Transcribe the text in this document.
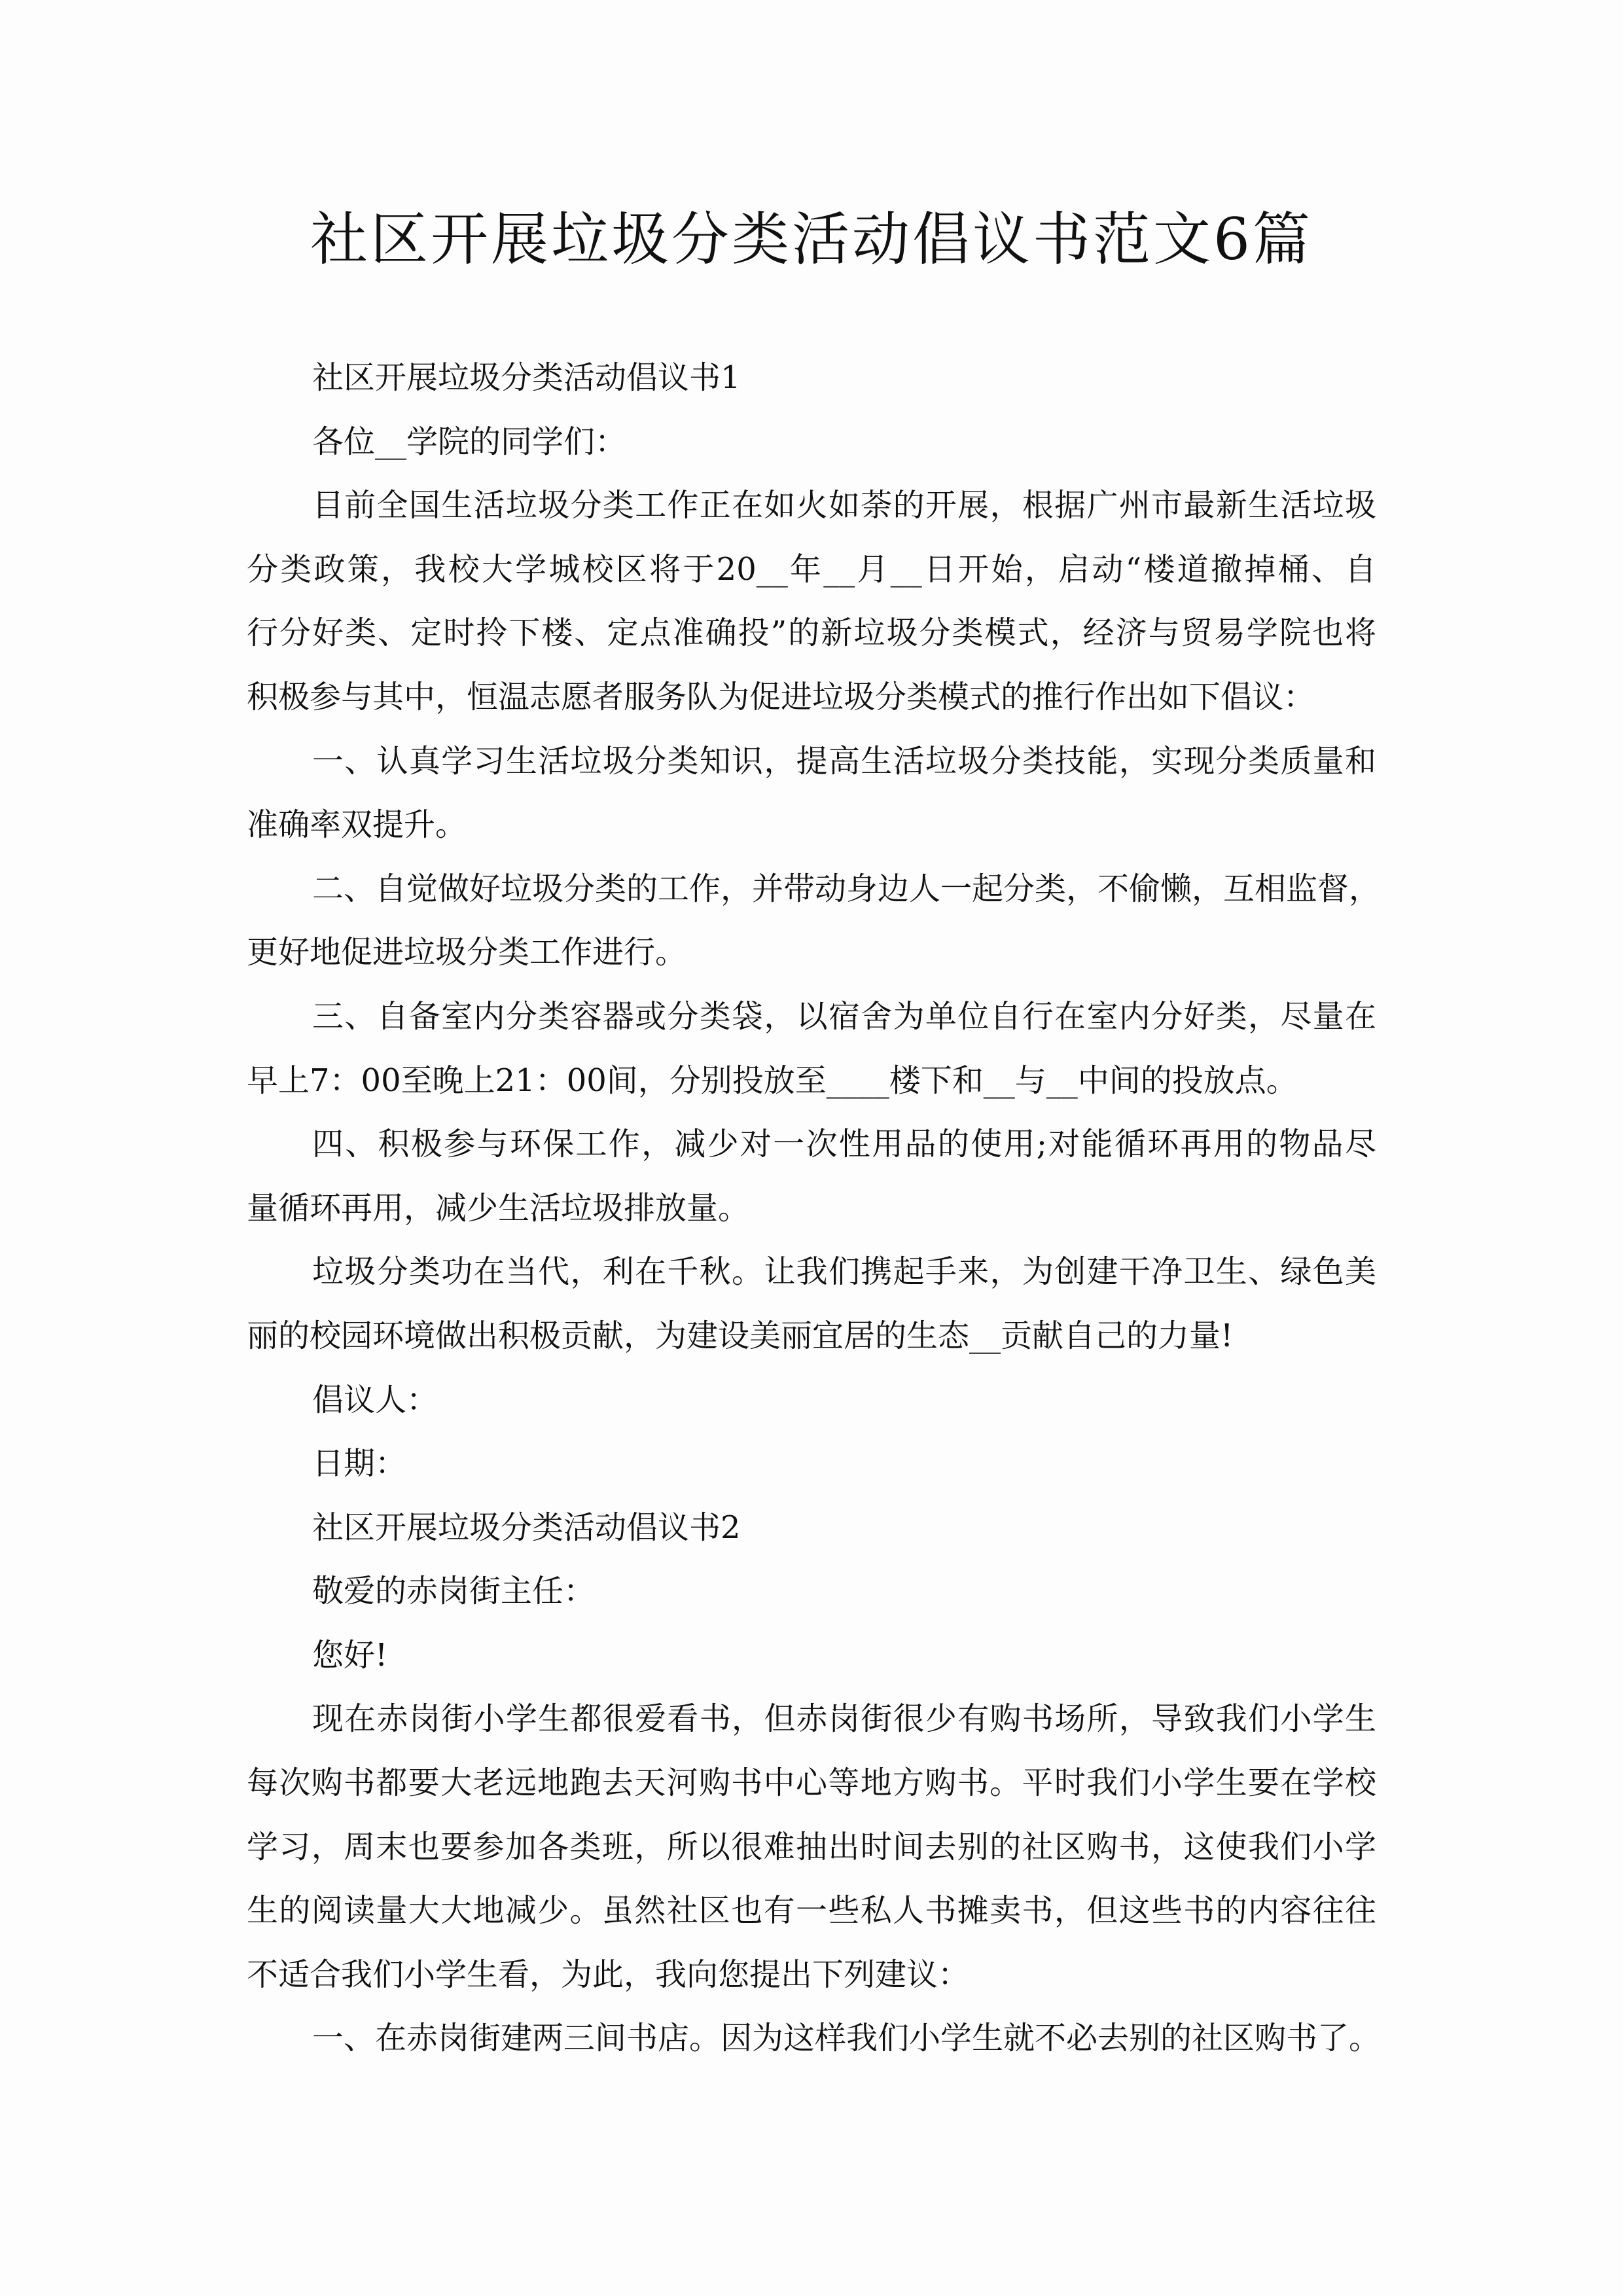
社区开展垃圾分类活动倡议书范文6篇
社区开展垃圾分类活动倡议书1
各位__学院的同学们：
目前全国生活垃圾分类工作正在如火如荼的开展，根据广州市最新生活垃圾
分类政策，我校大学城校区将于20__年__月__日开始，启动“楼道撤掉桶、自
行分好类、定时拎下楼、定点准确投”的新垃圾分类模式，经济与贸易学院也将
积极参与其中，恒温志愿者服务队为促进垃圾分类模式的推行作出如下倡议：
一、认真学习生活垃圾分类知识，提高生活垃圾分类技能，实现分类质量和
准确率双提升。
二、自觉做好垃圾分类的工作，并带动身边人一起分类，不偷懒，互相监督，
更好地促进垃圾分类工作进行。
三、自备室内分类容器或分类袋，以宿舍为单位自行在室内分好类，尽量在
早上7：00至晚上21：00间，分别投放至____楼下和__与__中间的投放点。
四、积极参与环保工作，减少对一次性用品的使用;对能循环再用的物品尽
量循环再用，减少生活垃圾排放量。
垃圾分类功在当代，利在千秋。让我们携起手来，为创建干净卫生、绿色美
丽的校园环境做出积极贡献，为建设美丽宜居的生态__贡献自己的力量!
倡议人：
日期：
社区开展垃圾分类活动倡议书2
敬爱的赤岗街主任：
您好!
现在赤岗街小学生都很爱看书，但赤岗街很少有购书场所，导致我们小学生
每次购书都要大老远地跑去天河购书中心等地方购书。平时我们小学生要在学校
学习，周末也要参加各类班，所以很难抽出时间去别的社区购书，这使我们小学
生的阅读量大大地减少。虽然社区也有一些私人书摊卖书，但这些书的内容往往
不适合我们小学生看，为此，我向您提出下列建议：
一、在赤岗街建两三间书店。因为这样我们小学生就不必去别的社区购书了。
